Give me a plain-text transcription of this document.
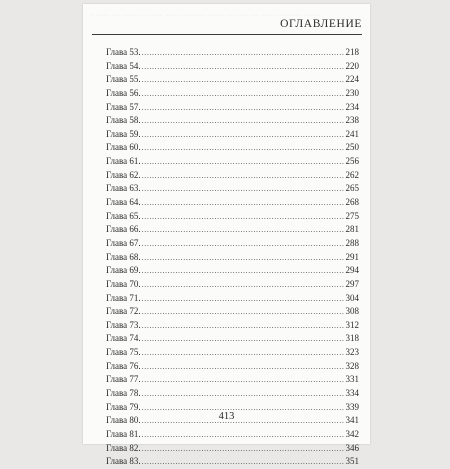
~ ~~~ ~~ ~~~~ ~~ ~~~ ~~~~ ~~ ~~~ ~~~~ ~~ ~~~ ~~ ~~~~ ~~ ~~~ ~~~~
ОГЛАВЛЕНИЕ
Глава 53. .....	218
Глава 54. .....	220
Глава 55. .....	224
Глава 56. .....	230
Глава 57. .....	234
Глава 58. .....	238
Глава 59. .....	241
Глава 60. .....	250
Глава 61. .....	256
Глава 62. .....	262
Глава 63. .....	265
Глава 64. .....	268
Глава 65. .....	275
Глава 66. .....	281
Глава 67. .....	288
Глава 68. .....	291
Глава 69. .....	294
Глава 70. .....	297
Глава 71. .....	304
Глава 72. .....	308
Глава 73. .....	312
Глава 74. .....	318
Глава 75. .....	323
Глава 76. .....	328
Глава 77. .....	331
Глава 78. .....	334
Глава 79. .....	339
Глава 80. .....	341
Глава 81. .....	342
Глава 82. .....	346
Глава 83. .....	351
413
